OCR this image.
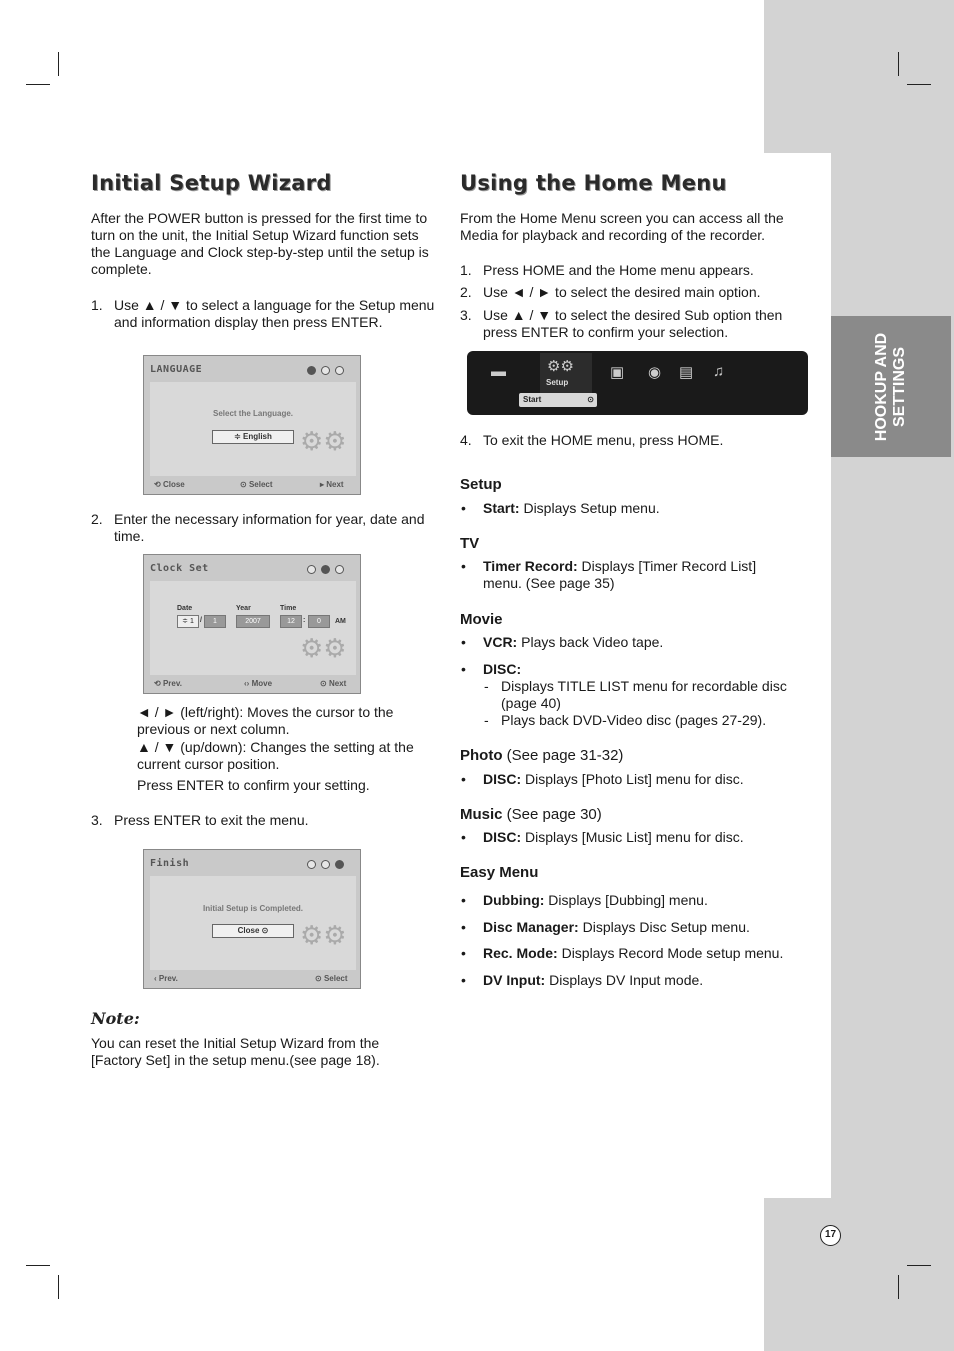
HOOKUP AND
SETTINGS
Initial Setup Wizard
After the POWER button is pressed for the first time to turn on the unit, the Initial Setup Wizard function sets the Language and Clock step-by-step until the setup is complete.
1. Use ▲ / ▼ to select a language for the Setup menu and information display then press ENTER.
LANGUAGE
Select the Language.
≑ English	⚙⚙
⟲ Close	⊙ Select	▸ Next
2. Enter the necessary information for year, date and time.
Clock Set
Date	Year	Time
≑ 1 /	1	2007	12	:	0	AM
⚙⚙
⟲ Prev.	‹› Move	⊙ Next
◄ / ► (left/right): Moves the cursor to the previous or next column.
▲ / ▼ (up/down): Changes the setting at the current cursor position.
Press ENTER to confirm your setting.
3. Press ENTER to exit the menu.
Finish
Initial Setup is Completed.
Close ⊙	⚙⚙
‹ Prev.	⊙ Select
Note:
You can reset the Initial Setup Wizard from the [Factory Set] in the setup menu.(see page 18).
Using the Home Menu
From the Home Menu screen you can access all the Media for playback and recording of the recorder.
1. Press HOME and the Home menu appears.
2. Use ◄ / ► to select the desired main option.
3. Use ▲ / ▼ to select the desired Sub option then press ENTER to confirm your selection.
▬	⚙⚙
Setup
▣ ◉ ▤ ♫
Start	⊙
4. To exit the HOME menu, press HOME.
Setup
• Start: Displays Setup menu.
TV
• Timer Record: Displays [Timer Record List] menu. (See page 35)
Movie
• VCR: Plays back Video tape.
• DISC:
- Displays TITLE LIST menu for recordable disc (page 40)
- Plays back DVD-Video disc (pages 27-29).
Photo (See page 31-32)
• DISC: Displays [Photo List] menu for disc.
Music (See page 30)
• DISC: Displays [Music List] menu for disc.
Easy Menu
• Dubbing: Displays [Dubbing] menu.
• Disc Manager: Displays Disc Setup menu.
• Rec. Mode: Displays Record Mode setup menu.
• DV Input: Displays DV Input mode.
17
